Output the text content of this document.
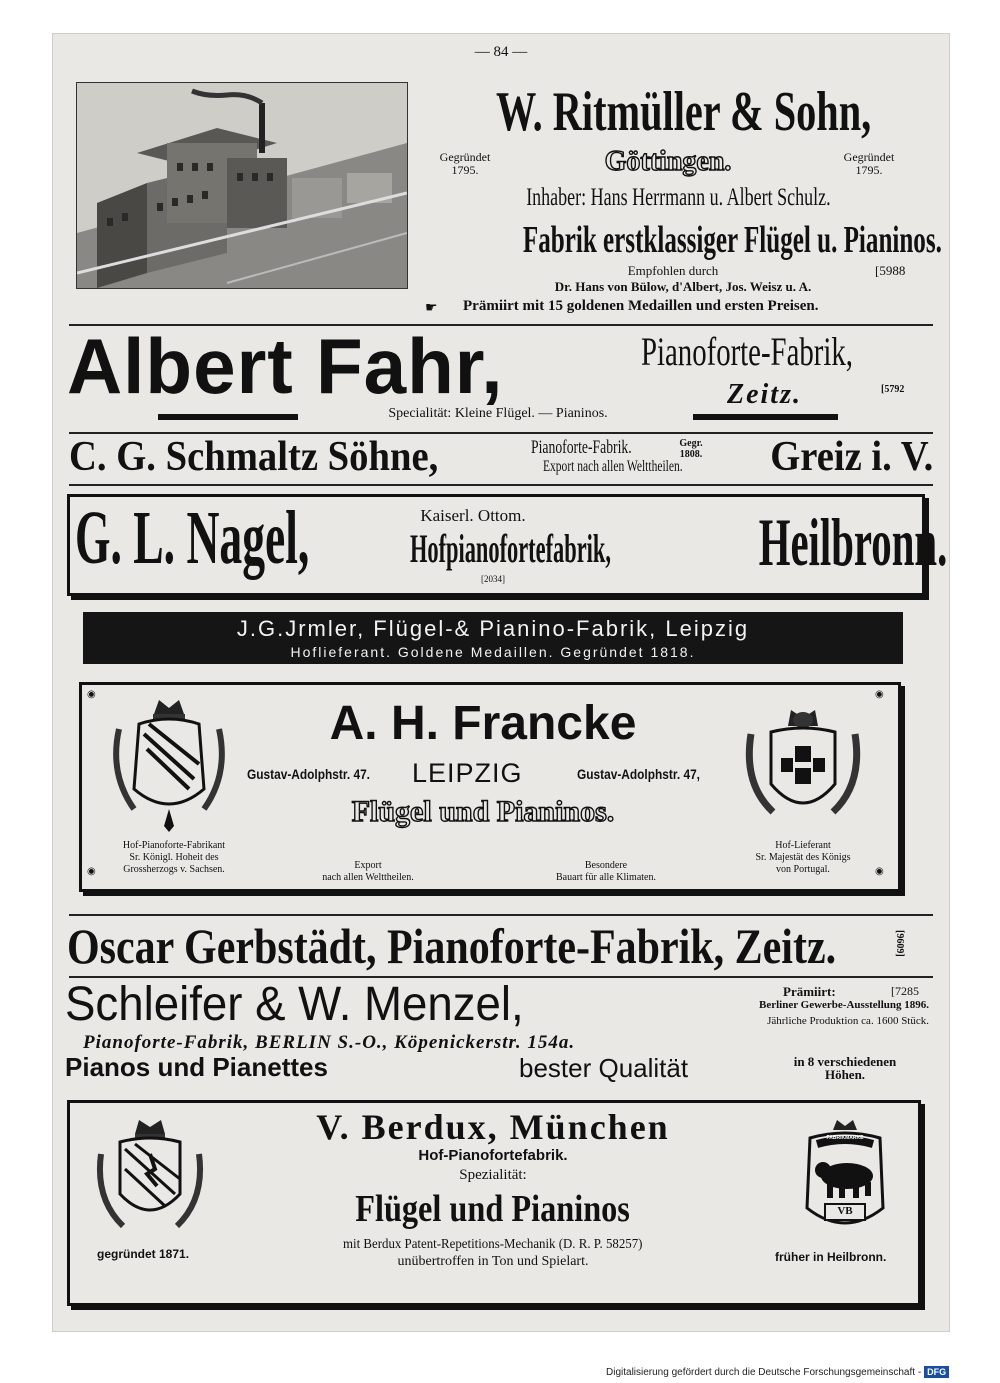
— 84 —
W. Ritmüller & Sohn,
Gegründet
1795.
Gegründet
1795.
Göttingen.
Inhaber: Hans Herrmann u. Albert Schulz.
Fabrik erstklassiger Flügel u. Pianinos.
Empfohlen durch	[5988
Dr. Hans von Bülow, d'Albert, Jos. Weisz u. A.
☛ Prämiirt mit 15 goldenen Medaillen und ersten Preisen.
Albert Fahr,	Pianoforte-Fabrik,
Zeitz.	[5792
Specialität: Kleine Flügel. — Pianinos.
C. G. Schmaltz Söhne,	Pianoforte-Fabrik.	Gegr.
1808.
Export nach allen Welttheilen.	Greiz i. V.
G. L. Nagel,	Kaiserl. Ottom.
Hofpianofortefabrik,	Heilbronn.
[2034]
J.G.Jrmler, Flügel-& Pianino-Fabrik, Leipzig
Hoflieferant. Goldene Medaillen. Gegründet 1818.
◉	◉
◉	◉
Hof-Pianoforte-Fabrikant
Sr. Königl. Hoheit des
Grossherzogs v. Sachsen.
Hof-Lieferant
Sr. Majestät des Königs
von Portugal.
A. H. Francke
Gustav-Adolphstr. 47.	LEIPZIG	Gustav-Adolphstr. 47,
Flügel und Pianinos.
Export
nach allen Welttheilen.
Besondere
Bauart für alle Klimaten.
Oscar Gerbstädt, Pianoforte-Fabrik, Zeitz.	[9609]
Schleifer & W. Menzel,	Prämiirt:	[7285
Berliner Gewerbe-Ausstellung 1896.
Jährliche Produktion ca. 1600 Stück.
Pianoforte-Fabrik, BERLIN S.-O., Köpenickerstr. 154a.
Pianos und Pianettes	bester Qualität	in 8 verschiedenen
Höhen.
V. Berdux, München
Hof-Pianofortefabrik.
Spezialität:
Flügel und Pianinos
mit Berdux Patent-Repetitions-Mechanik (D. R. P. 58257)
unübertroffen in Ton und Spielart.
gegründet 1871.
FABRIKMARKE
VB
früher in Heilbronn.
Digitalisierung gefördert durch die Deutsche Forschungsgemeinschaft - DFG
